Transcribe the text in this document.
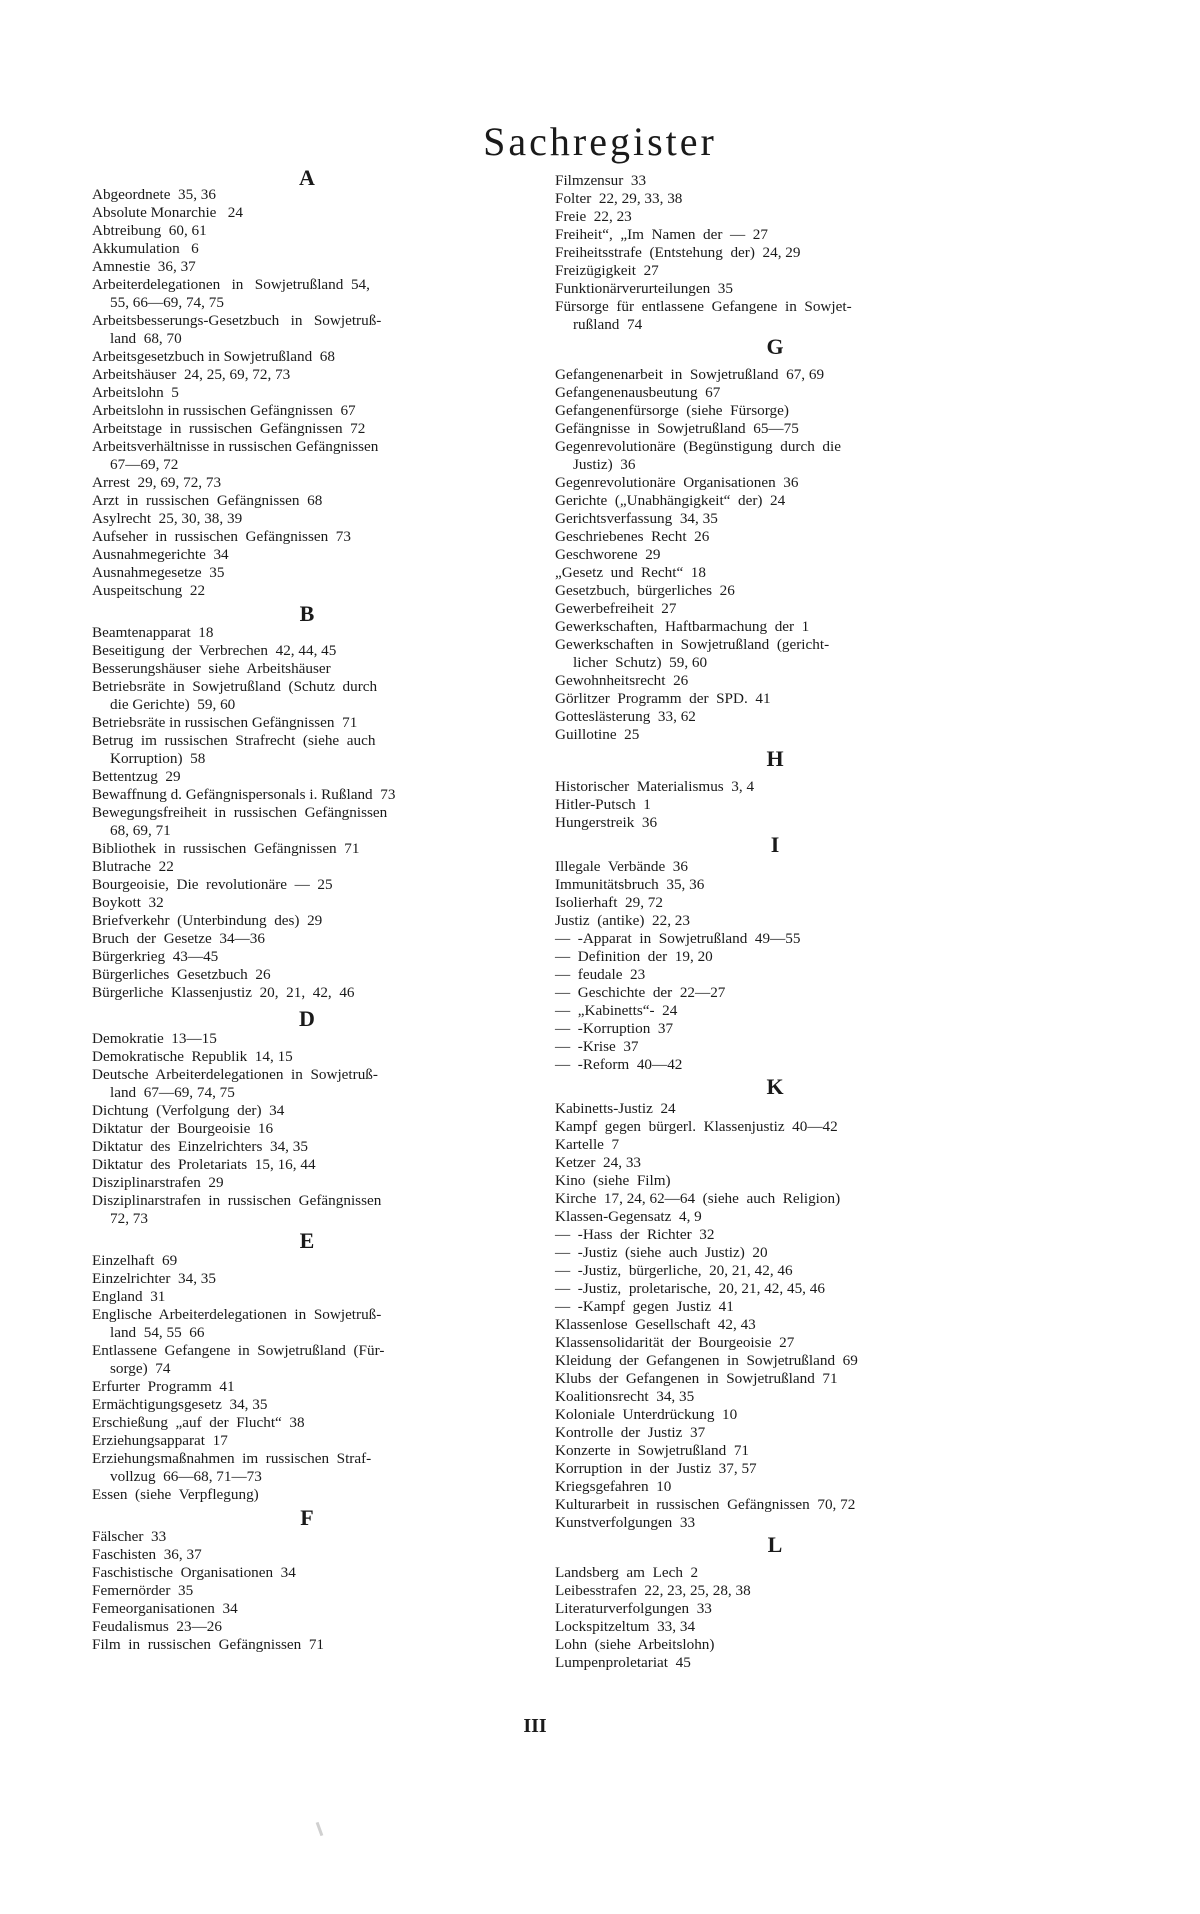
Sachregister
A
Abgeordnete  35, 36
Absolute Monarchie   24
Abtreibung  60, 61
Akkumulation   6
Amnestie  36, 37
Arbeiterdelegationen   in   Sowjetrußland  54,
55, 66—69, 74, 75
Arbeitsbesserungs-Gesetzbuch   in   Sowjetruß-
land  68, 70
Arbeitsgesetzbuch in Sowjetrußland  68
Arbeitshäuser  24, 25, 69, 72, 73
Arbeitslohn  5
Arbeitslohn in russischen Gefängnissen  67
Arbeitstage  in  russischen  Gefängnissen  72
Arbeitsverhältnisse in russischen Gefängnissen
67—69, 72
Arrest  29, 69, 72, 73
Arzt  in  russischen  Gefängnissen  68
Asylrecht  25, 30, 38, 39
Aufseher  in  russischen  Gefängnissen  73
Ausnahmegerichte  34
Ausnahmegesetze  35
Auspeitschung  22
B
Beamtenapparat  18
Beseitigung  der  Verbrechen  42, 44, 45
Besserungshäuser  siehe  Arbeitshäuser
Betriebsräte  in  Sowjetrußland  (Schutz  durch
die Gerichte)  59, 60
Betriebsräte in russischen Gefängnissen  71
Betrug  im  russischen  Strafrecht  (siehe  auch
Korruption)  58
Bettentzug  29
Bewaffnung d. Gefängnispersonals i. Rußland  73
Bewegungsfreiheit  in  russischen  Gefängnissen
68, 69, 71
Bibliothek  in  russischen  Gefängnissen  71
Blutrache  22
Bourgeoisie,  Die  revolutionäre  —  25
Boykott  32
Briefverkehr  (Unterbindung  des)  29
Bruch  der  Gesetze  34—36
Bürgerkrieg  43—45
Bürgerliches  Gesetzbuch  26
Bürgerliche  Klassenjustiz  20,  21,  42,  46
D
Demokratie  13—15
Demokratische  Republik  14, 15
Deutsche  Arbeiterdelegationen  in  Sowjetruß-
land  67—69, 74, 75
Dichtung  (Verfolgung  der)  34
Diktatur  der  Bourgeoisie  16
Diktatur  des  Einzelrichters  34, 35
Diktatur  des  Proletariats  15, 16, 44
Disziplinarstrafen  29
Disziplinarstrafen  in  russischen  Gefängnissen
72, 73
E
Einzelhaft  69
Einzelrichter  34, 35
England  31
Englische  Arbeiterdelegationen  in  Sowjetruß-
land  54, 55  66
Entlassene  Gefangene  in  Sowjetrußland  (Für-
sorge)  74
Erfurter  Programm  41
Ermächtigungsgesetz  34, 35
Erschießung  „auf  der  Flucht“  38
Erziehungsapparat  17
Erziehungsmaßnahmen  im  russischen  Straf-
vollzug  66—68, 71—73
Essen  (siehe  Verpflegung)
F
Fälscher  33
Faschisten  36, 37
Faschistische  Organisationen  34
Femernörder  35
Femeorganisationen  34
Feudalismus  23—26
Film  in  russischen  Gefängnissen  71
Filmzensur  33
Folter  22, 29, 33, 38
Freie  22, 23
Freiheit“,  „Im  Namen  der  —  27
Freiheitsstrafe  (Entstehung  der)  24, 29
Freizügigkeit  27
Funktionärverurteilungen  35
Fürsorge  für  entlassene  Gefangene  in  Sowjet-
rußland  74
G
Gefangenenarbeit  in  Sowjetrußland  67, 69
Gefangenenausbeutung  67
Gefangenenfürsorge  (siehe  Fürsorge)
Gefängnisse  in  Sowjetrußland  65—75
Gegenrevolutionäre  (Begünstigung  durch  die
Justiz)  36
Gegenrevolutionäre  Organisationen  36
Gerichte  („Unabhängigkeit“  der)  24
Gerichtsverfassung  34, 35
Geschriebenes  Recht  26
Geschworene  29
„Gesetz  und  Recht“  18
Gesetzbuch,  bürgerliches  26
Gewerbefreiheit  27
Gewerkschaften,  Haftbarmachung  der  1
Gewerkschaften  in  Sowjetrußland  (gericht-
licher  Schutz)  59, 60
Gewohnheitsrecht  26
Görlitzer  Programm  der  SPD.  41
Gotteslästerung  33, 62
Guillotine  25
H
Historischer  Materialismus  3, 4
Hitler-Putsch  1
Hungerstreik  36
I
Illegale  Verbände  36
Immunitätsbruch  35, 36
Isolierhaft  29, 72
Justiz  (antike)  22, 23
—  -Apparat  in  Sowjetrußland  49—55
—  Definition  der  19, 20
—  feudale  23
—  Geschichte  der  22—27
—  „Kabinetts“-  24
—  -Korruption  37
—  -Krise  37
—  -Reform  40—42
K
Kabinetts-Justiz  24
Kampf  gegen  bürgerl.  Klassenjustiz  40—42
Kartelle  7
Ketzer  24, 33
Kino  (siehe  Film)
Kirche  17, 24, 62—64  (siehe  auch  Religion)
Klassen-Gegensatz  4, 9
—  -Hass  der  Richter  32
—  -Justiz  (siehe  auch  Justiz)  20
—  -Justiz,  bürgerliche,  20, 21, 42, 46
—  -Justiz,  proletarische,  20, 21, 42, 45, 46
—  -Kampf  gegen  Justiz  41
Klassenlose  Gesellschaft  42, 43
Klassensolidarität  der  Bourgeoisie  27
Kleidung  der  Gefangenen  in  Sowjetrußland  69
Klubs  der  Gefangenen  in  Sowjetrußland  71
Koalitionsrecht  34, 35
Koloniale  Unterdrückung  10
Kontrolle  der  Justiz  37
Konzerte  in  Sowjetrußland  71
Korruption  in  der  Justiz  37, 57
Kriegsgefahren  10
Kulturarbeit  in  russischen  Gefängnissen  70, 72
Kunstverfolgungen  33
L
Landsberg  am  Lech  2
Leibesstrafen  22, 23, 25, 28, 38
Literaturverfolgungen  33
Lockspitzeltum  33, 34
Lohn  (siehe  Arbeitslohn)
Lumpenproletariat  45
III
